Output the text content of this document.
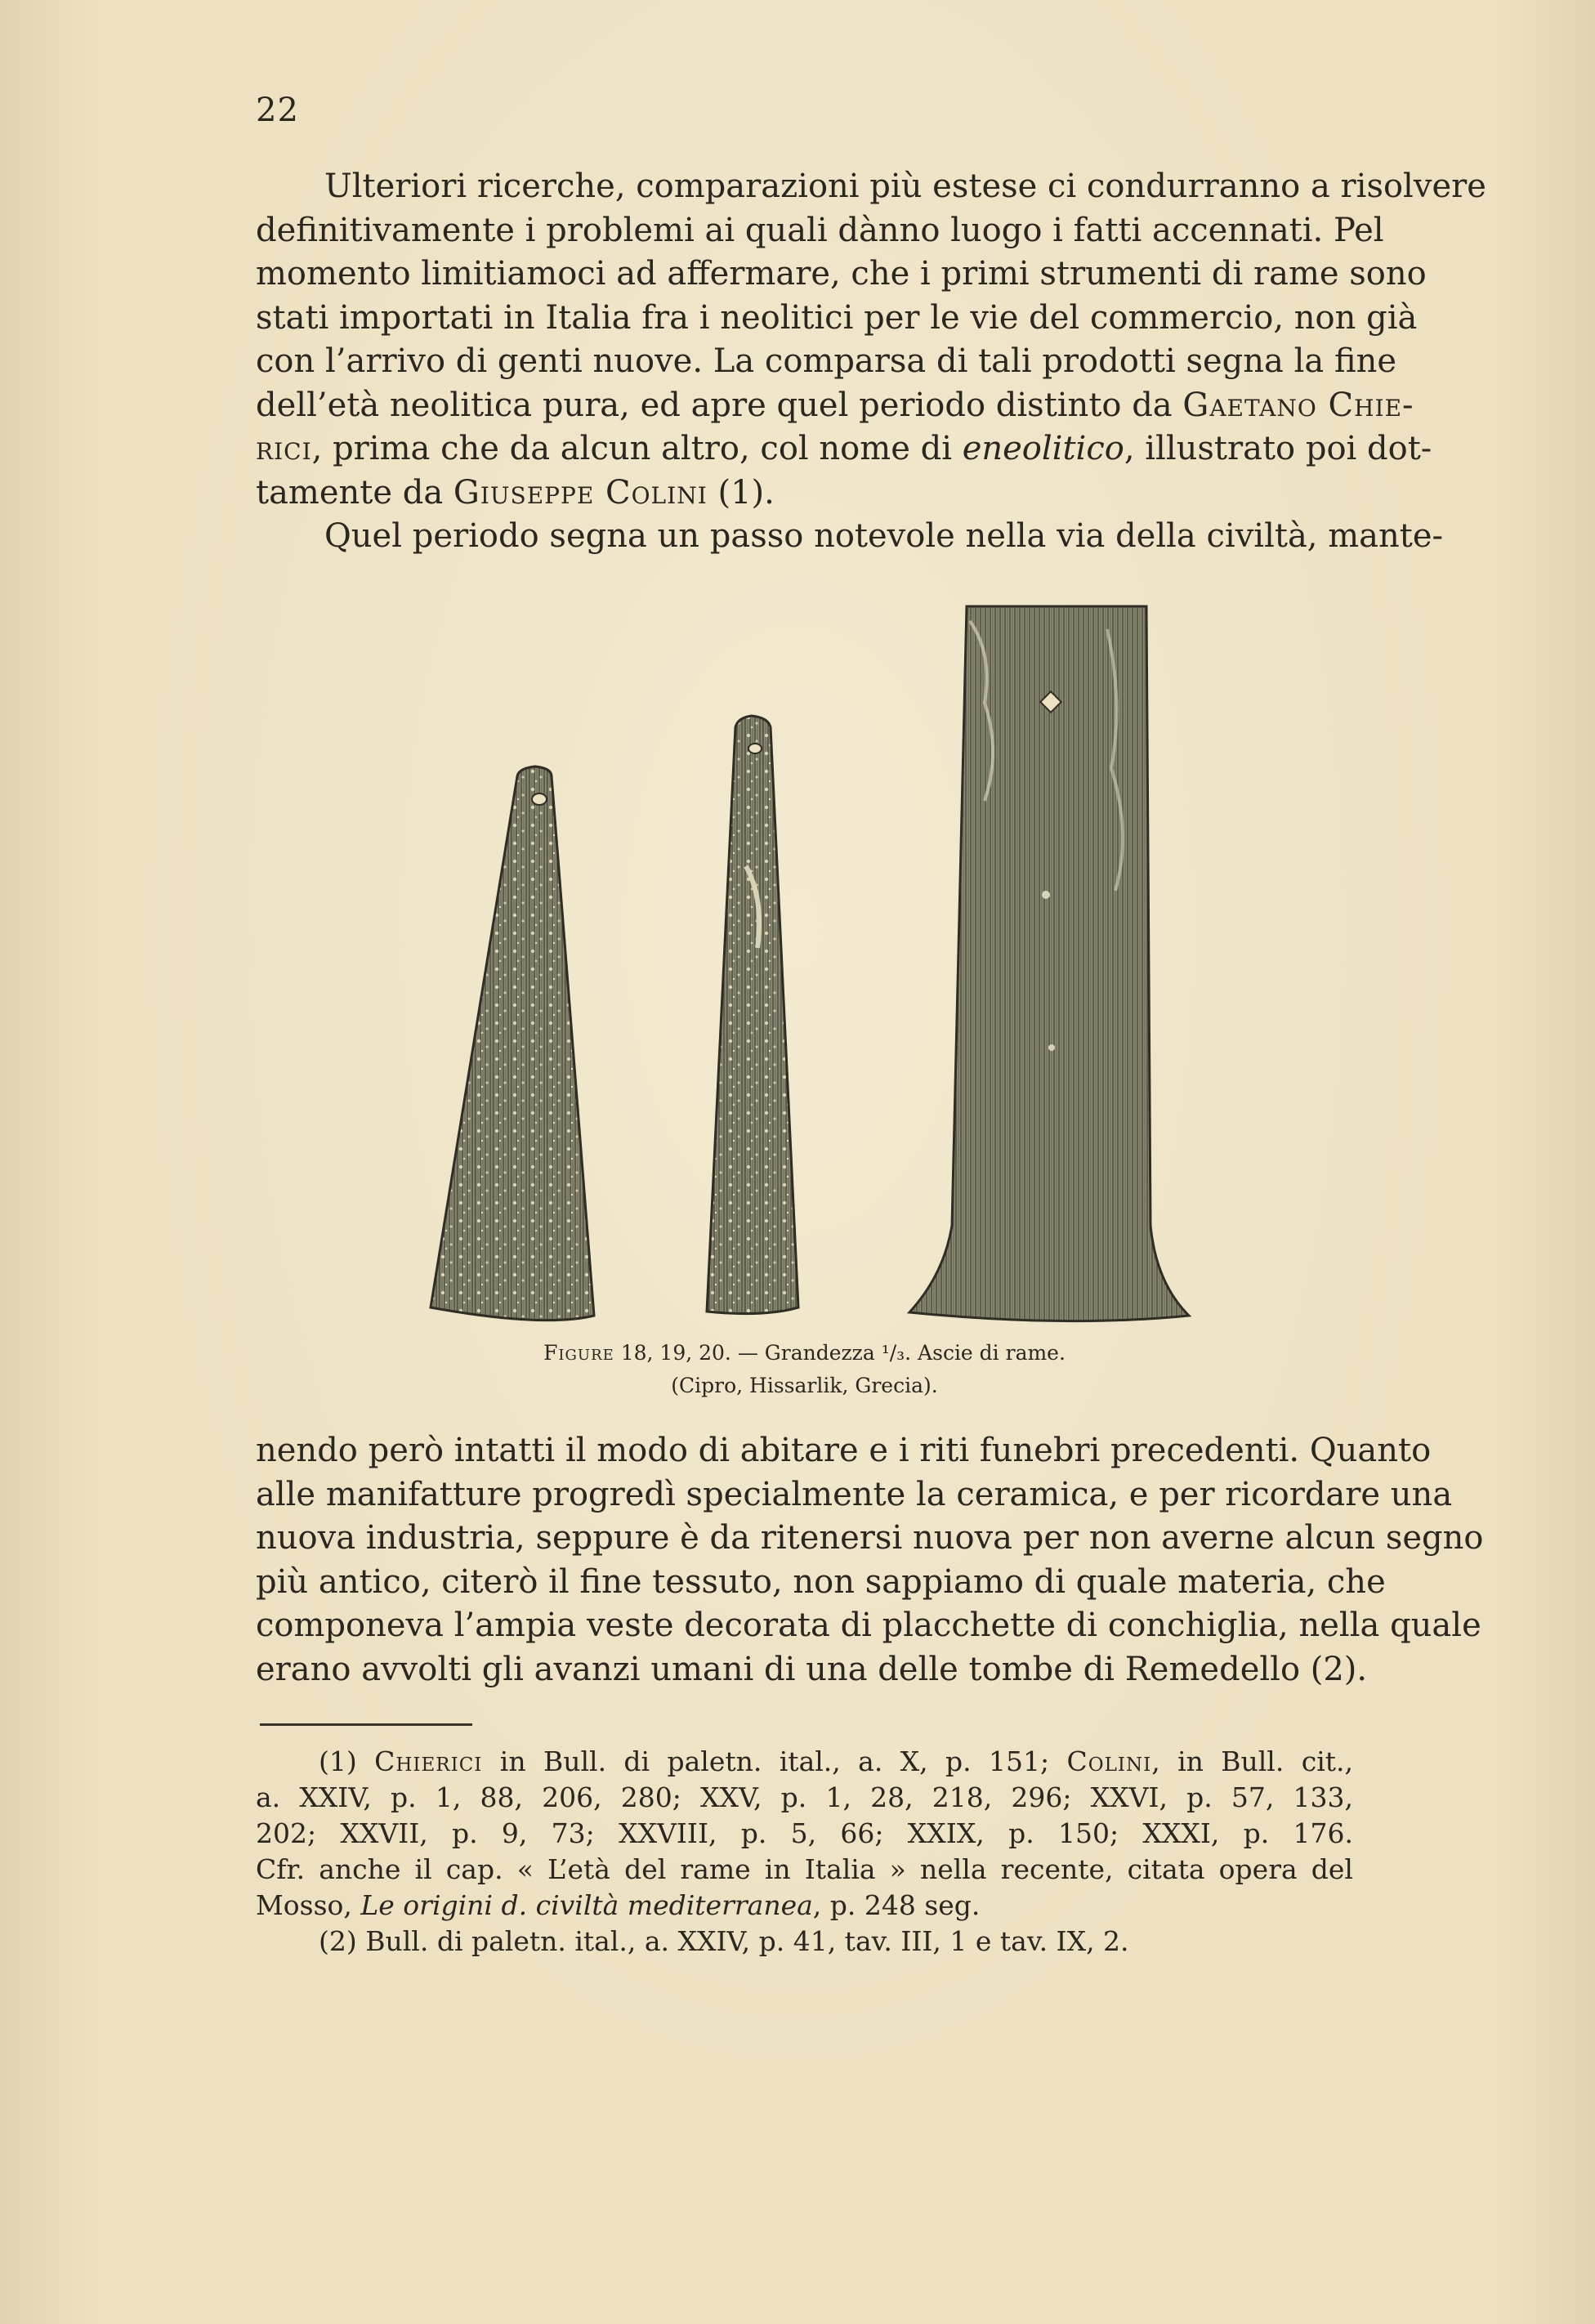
22
Ulteriori ricerche, comparazioni più estese ci condurranno a risolvere
definitivamente i problemi ai quali dànno luogo i fatti accennati. Pel
momento limitiamoci ad affermare, che i primi strumenti di rame sono
stati importati in Italia fra i neolitici per le vie del commercio, non già
con l’arrivo di genti nuove. La comparsa di tali prodotti segna la fine
dell’età neolitica pura, ed apre quel periodo distinto da Gaetano Chie-
rici, prima che da alcun altro, col nome di eneolitico, illustrato poi dot-
tamente da Giuseppe Colini (1).
Quel periodo segna un passo notevole nella via della civiltà, mante-
Figure 18, 19, 20. — Grandezza ¹/₃. Ascie di rame.
(Cipro, Hissarlik, Grecia).
nendo però intatti il modo di abitare e i riti funebri precedenti. Quanto
alle manifatture progredì specialmente la ceramica, e per ricordare una
nuova industria, seppure è da ritenersi nuova per non averne alcun segno
più antico, citerò il fine tessuto, non sappiamo di quale materia, che
componeva l’ampia veste decorata di placchette di conchiglia, nella quale
erano avvolti gli avanzi umani di una delle tombe di Remedello (2).
(1) Chierici in Bull. di paletn. ital., a. X, p. 151; Colini, in Bull. cit.,
a. XXIV, p. 1, 88, 206, 280; XXV, p. 1, 28, 218, 296; XXVI, p. 57, 133,
202; XXVII, p. 9, 73; XXVIII, p. 5, 66; XXIX, p. 150; XXXI, p. 176.
Cfr. anche il cap. « L’età del rame in Italia » nella recente, citata opera del
Mosso, Le origini d. civiltà mediterranea, p. 248 seg.
(2) Bull. di paletn. ital., a. XXIV, p. 41, tav. III, 1 e tav. IX, 2.
